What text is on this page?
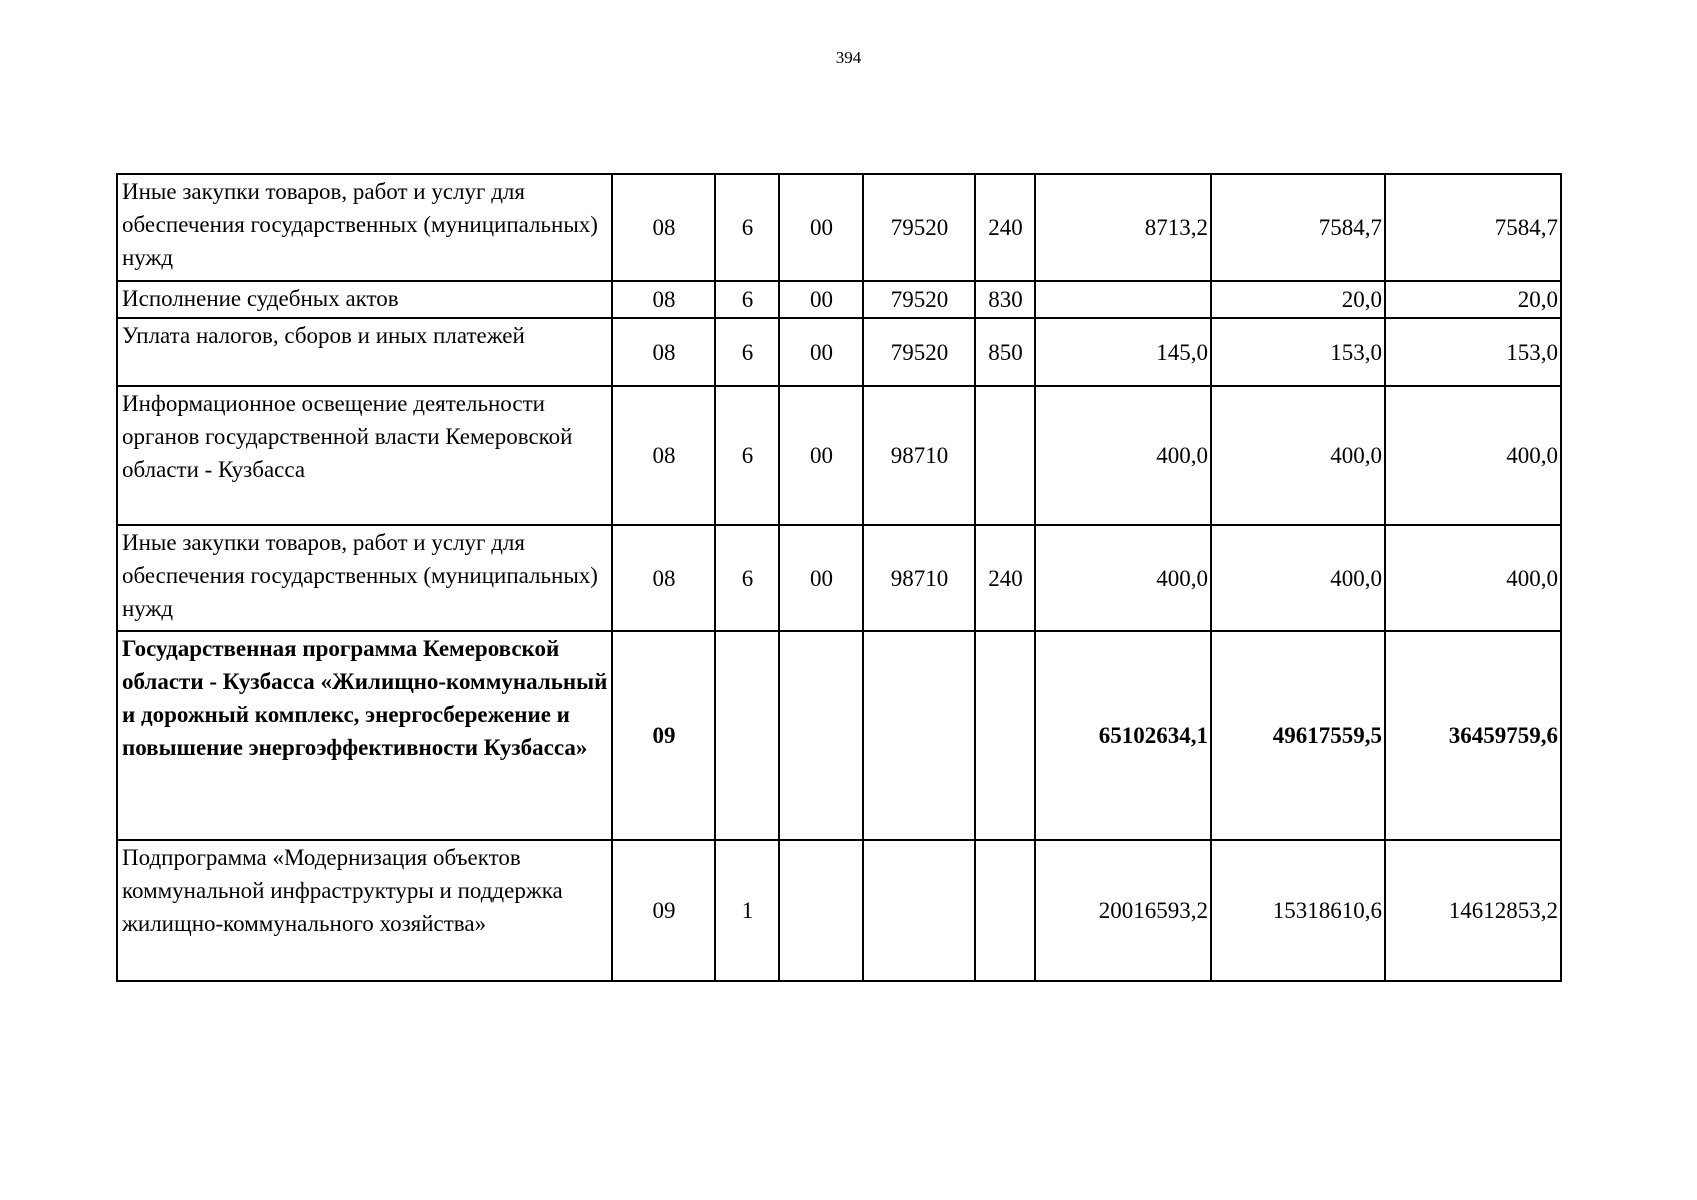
394
Иные закупки товаров, работ и услуг для обеспечения государственных (муниципальных) нужд	08	6	00	79520	240	8713,2	7584,7	7584,7
Исполнение судебных актов	08	6	00	79520	830		20,0	20,0
Уплата налогов, сборов и иных платежей	08	6	00	79520	850	145,0	153,0	153,0
Информационное освещение деятельности органов государственной власти Кемеровской области - Кузбасса	08	6	00	98710		400,0	400,0	400,0
Иные закупки товаров, работ и услуг для обеспечения государственных (муниципальных) нужд	08	6	00	98710	240	400,0	400,0	400,0
Государственная программа Кемеровской области - Кузбасса «Жилищно-коммунальный и дорожный комплекс, энергосбережение и повышение энергоэффективности Кузбасса»	09					65102634,1	49617559,5	36459759,6
Подпрограмма «Модернизация объектов коммунальной инфраструктуры и поддержка жилищно-коммунального хозяйства»	09	1				20016593,2	15318610,6	14612853,2
